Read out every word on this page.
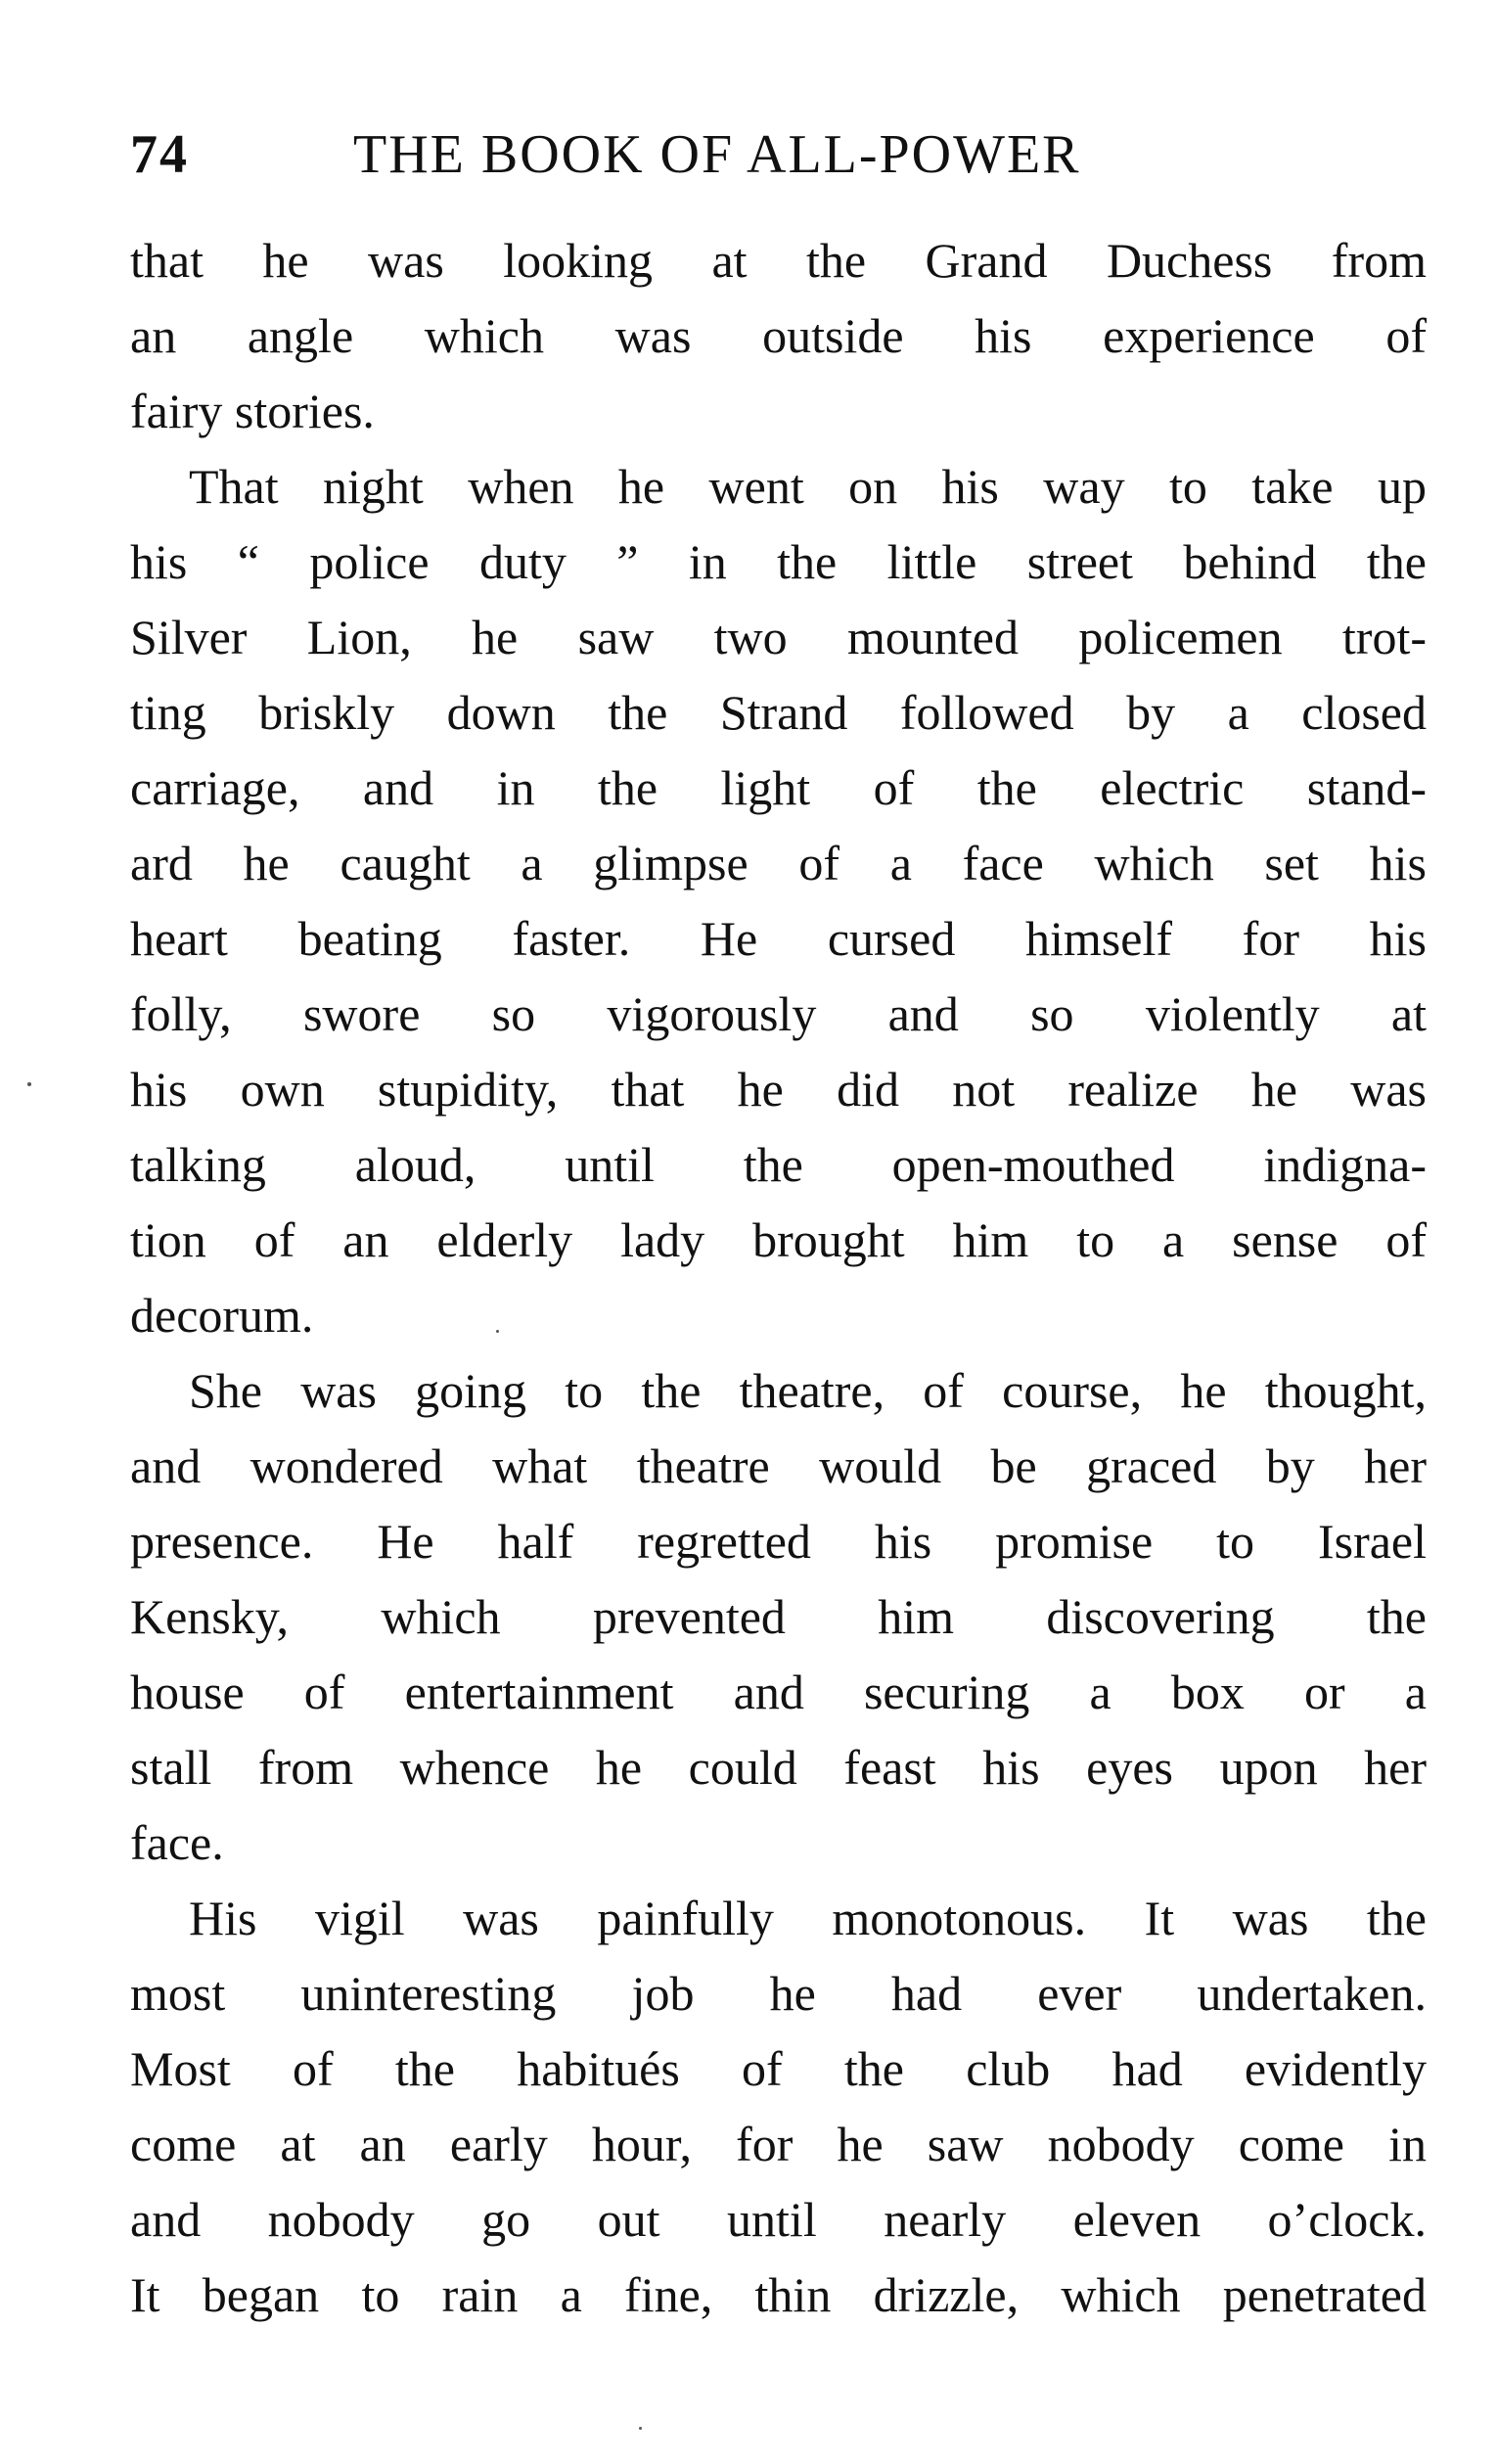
74	THE BOOK OF ALL-POWER
that he was looking at the Grand Duchess from
an angle which was outside his experience of
fairy stories.
That night when he went on his way to take up
his “ police duty ” in the little street behind the
Silver Lion, he saw two mounted policemen trot-
ting briskly down the Strand followed by a closed
carriage, and in the light of the electric stand-
ard he caught a glimpse of a face which set his
heart beating faster. He cursed himself for his
folly, swore so vigorously and so violently at
his own stupidity, that he did not realize he was
talking aloud, until the open-mouthed indigna-
tion of an elderly lady brought him to a sense of
decorum.
She was going to the theatre, of course, he thought,
and wondered what theatre would be graced by her
presence. He half regretted his promise to Israel
Kensky, which prevented him discovering the
house of entertainment and securing a box or a
stall from whence he could feast his eyes upon her
face.
His vigil was painfully monotonous. It was the
most uninteresting job he had ever undertaken.
Most of the habitués of the club had evidently
come at an early hour, for he saw nobody come in
and nobody go out until nearly eleven o’clock.
It began to rain a fine, thin drizzle, which penetrated
